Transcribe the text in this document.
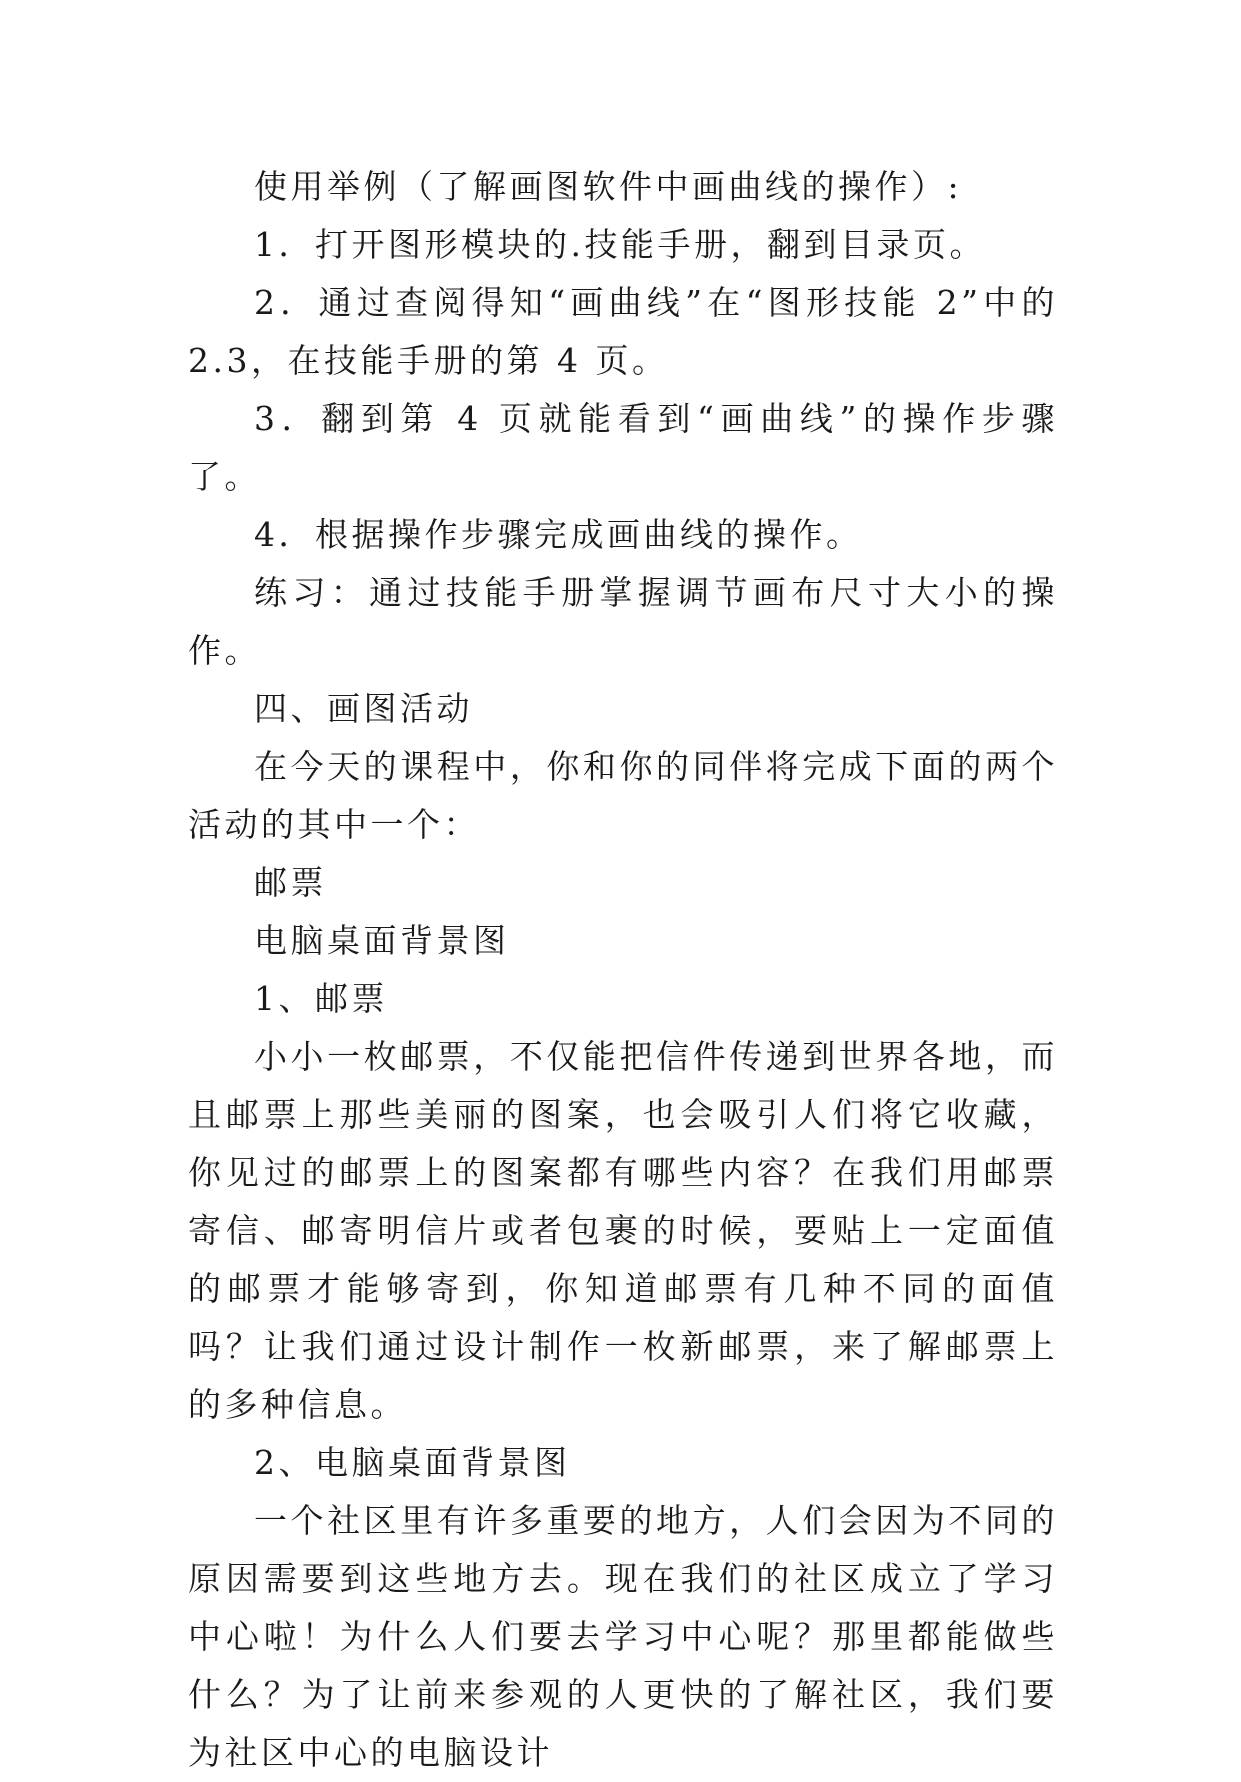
使用举例（了解画图软件中画曲线的操作）:

1．打开图形模块的.技能手册，翻到目录页。

2．通过查阅得知“画曲线”在“图形技能 2”中的 2.3，在技能手册的第 4 页。

3．翻到第 4 页就能看到“画曲线”的操作步骤了。

4．根据操作步骤完成画曲线的操作。

练习：通过技能手册掌握调节画布尺寸大小的操作。

四、画图活动

在今天的课程中，你和你的同伴将完成下面的两个活动的其中一个：

邮票

电脑桌面背景图

1、邮票

小小一枚邮票，不仅能把信件传递到世界各地，而且邮票上那些美丽的图案，也会吸引人们将它收藏，你见过的邮票上的图案都有哪些内容？在我们用邮票寄信、邮寄明信片或者包裹的时候，要贴上一定面值的邮票才能够寄到，你知道邮票有几种不同的面值吗？让我们通过设计制作一枚新邮票，来了解邮票上的多种信息。

2、电脑桌面背景图

一个社区里有许多重要的地方，人们会因为不同的原因需要到这些地方去。现在我们的社区成立了学习中心啦！为什么人们要去学习中心呢？那里都能做些什么？为了让前来参观的人更快的了解社区，我们要为社区中心的电脑设计
